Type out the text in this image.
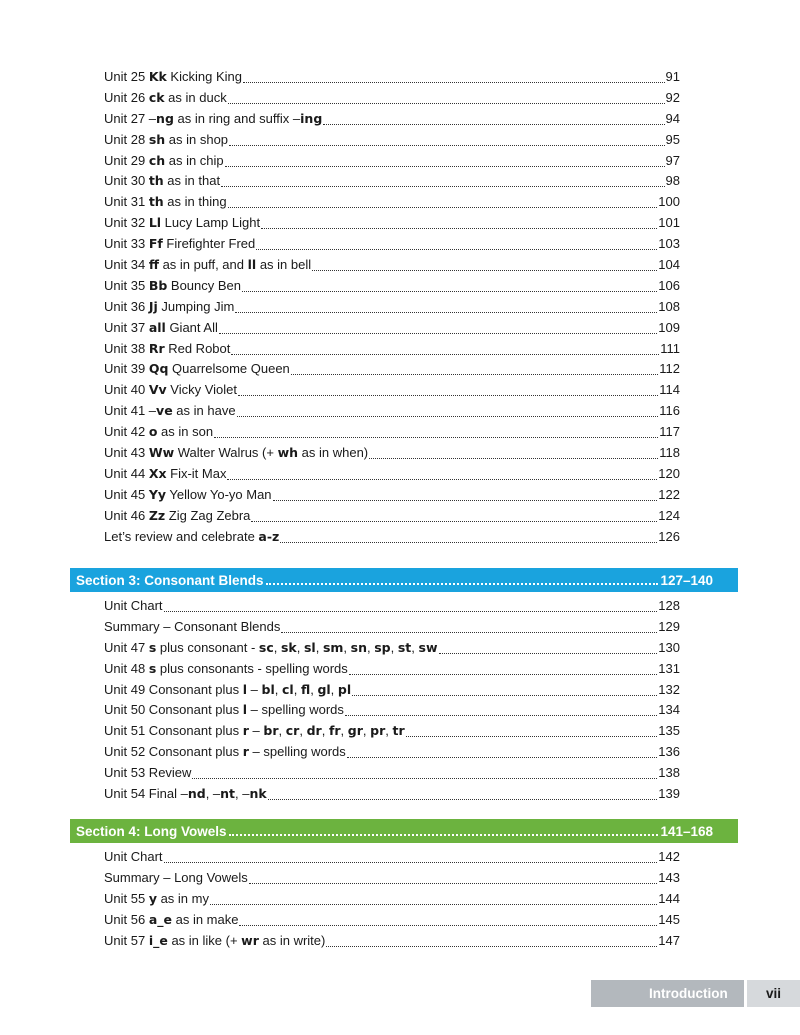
Unit 25 Kk Kicking King	91
Unit 26 ck as in duck	92
Unit 27 –ng as in ring and suffix –ing	94
Unit 28 sh as in shop	95
Unit 29 ch as in chip	97
Unit 30 th as in that	98
Unit 31 th as in thing	100
Unit 32 Ll Lucy Lamp Light	101
Unit 33 Ff Firefighter Fred	103
Unit 34 ff as in puff, and ll as in bell	104
Unit 35 Bb Bouncy Ben	106
Unit 36 Jj Jumping Jim	108
Unit 37 all Giant All	109
Unit 38 Rr Red Robot	111
Unit 39 Qq Quarrelsome Queen	112
Unit 40 Vv Vicky Violet	114
Unit 41 –ve as in have	116
Unit 42 o as in son	117
Unit 43 Ww Walter Walrus (+ wh as in when)	118
Unit 44 Xx Fix-it Max	120
Unit 45 Yy Yellow Yo-yo Man	122
Unit 46 Zz Zig Zag Zebra	124
Let’s review and celebrate a-z	126
Section 3: Consonant Blends	127–140
Unit Chart	128
Summary – Consonant Blends	129
Unit 47 s plus consonant - sc, sk, sl, sm, sn, sp, st, sw	130
Unit 48 s plus consonants - spelling words	131
Unit 49 Consonant plus l – bl, cl, fl, gl, pl	132
Unit 50 Consonant plus l – spelling words	134
Unit 51 Consonant plus r – br, cr, dr, fr, gr, pr, tr	135
Unit 52 Consonant plus r – spelling words	136
Unit 53 Review	138
Unit 54 Final –nd, –nt, –nk	139
Section 4: Long Vowels	141–168
Unit Chart	142
Summary – Long Vowels	143
Unit 55 y as in my	144
Unit 56 a_e as in make	145
Unit 57 i_e as in like (+ wr as in write)	147
Introduction	vii
